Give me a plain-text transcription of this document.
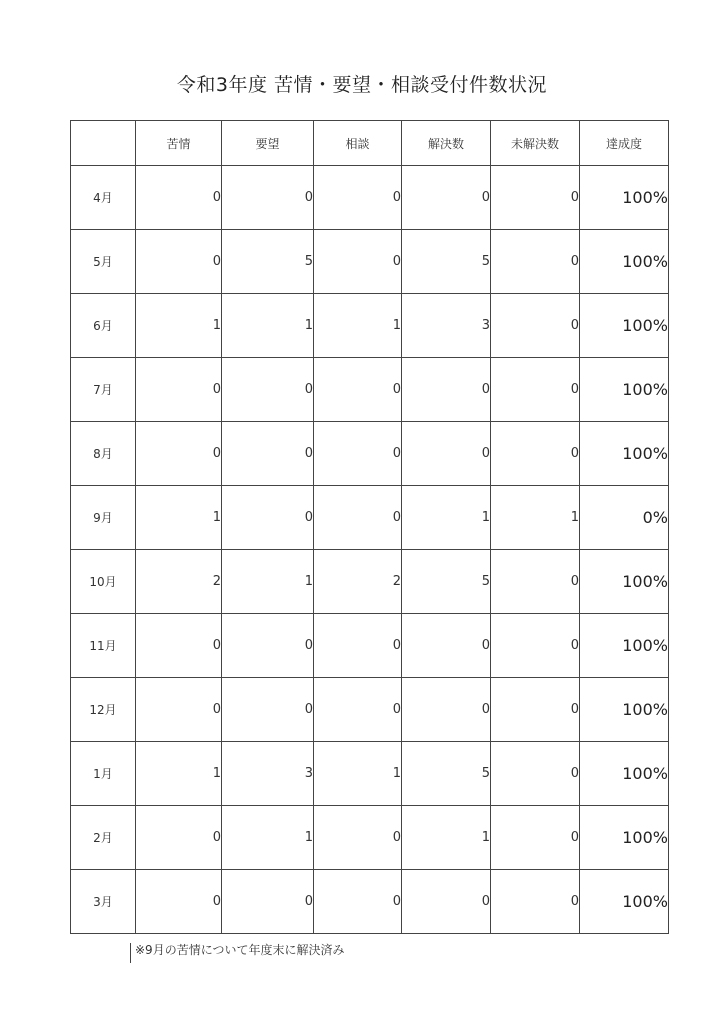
令和3年度 苦情・要望・相談受付件数状況
	苦情	要望	相談	解決数	未解決数	達成度
4月	0	0	0	0	0	100%
5月	0	5	0	5	0	100%
6月	1	1	1	3	0	100%
7月	0	0	0	0	0	100%
8月	0	0	0	0	0	100%
9月	1	0	0	1	1	0%
10月	2	1	2	5	0	100%
11月	0	0	0	0	0	100%
12月	0	0	0	0	0	100%
1月	1	3	1	5	0	100%
2月	0	1	0	1	0	100%
3月	0	0	0	0	0	100%
※9月の苦情について年度末に解決済み
